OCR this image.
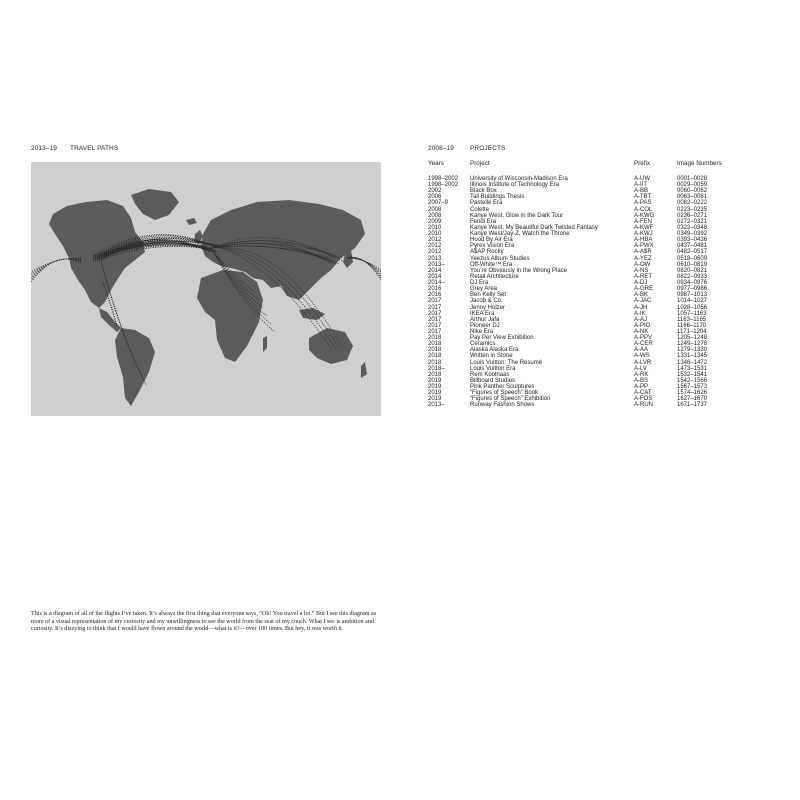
2013–19 TRAVEL PATHS
This is a diagram of all of the flights I’ve taken. It’s always the first thing that everyone says, “Oh! You travel a lot.” But I see this diagram as more of a visual representation of my curiosity and my unwillingness to see the world from the seat of my couch. What I see is ambition and curiosity. It’s dizzying to think that I would have flown around the world—what is it?—over 100 times. But hey, it was worth it.
2008–19 PROJECTS
Years	Project	Prefix	Image Numbers
1998–2002 University of Wisconsin-Madison Era	A-UW	0001–0028
1998–2002 Illinois Institute of Technology Era	A-IIT	0029–0059
2002	Black Box	A-BB	0060–0062
2006	Tall Buildings Thesis	A-TBT	0063–0081
2007–9	Pastelle Era	A-PAS	0082–0222
2008	Colette	A-COL	0223–0235
2008	Kanye West, Glow in the Dark Tour	A-KWG	0236–0271
2009	Fendi Era	A-FEN	0272–0321
2010	Kanye West, My Beautiful Dark Twisted Fantasy	A-KWF	0322–0348
2010	Kanye West/Jay-Z, Watch the Throne	A-KWJ	0349–0392
2012	Hood By Air Era	A-HBA	0393–0436
2012	Pyrex Vision Era	A-PWX	0437–0481
2012	A$AP Rocky	A-A$R	0482–0517
2013	Yeezus Album Studies	A-YEZ	0518–0609
2013–	Off-White™ Era	A-OW	0610–0819
2014	You’re Obviously in the Wrong Place	A-NS	0820–0821
2014	Retail Architecture	A-RET	0822–0933
2014–	DJ Era	A-DJ	0934–0976
2016	Grey Area	A-GRE	0977–0986
2016	Ben Kelly Set	A-BK	0987–1013
2017	Jacob & Co.	A-JAC	1014–1027
2017	Jenny Holzer	A-JH	1028–1056
2017	IKEA Era	A-IK	1057–1163
2017	Arthur Jafa	A-AJ	1163–1165
2017	Pioneer DJ	A-PIO	1166–1170
2017	Nike Era	A-NK	1171–1204
2018	Pay Per View Exhibition	A-PPV	1205–1248
2018	Ceramics	A-CER	1249–1278
2018	Alaska Alaska Era	A-AA	1279–1330
2018	Written in Stone	A-WS	1331–1345
2018	Louis Vuitton: The Resumé	A-LVR	1346–1472
2018–	Louis Vuitton Era	A-LV	1473–1531
2018	Rem Koolhaas	A-RK	1532–1541
2019	Billboard Studies	A-BS	1542–1566
2019	Pink Panther Sculptures	A-PP	1567–1573
2019	“Figures of Speech” Book	A-CAT	1574–1626
2019	“Figures of Speech” Exhibition	A-FOS	1627–1670
2013–	Runway Fashion Shows	A-RUN	1671–1737
